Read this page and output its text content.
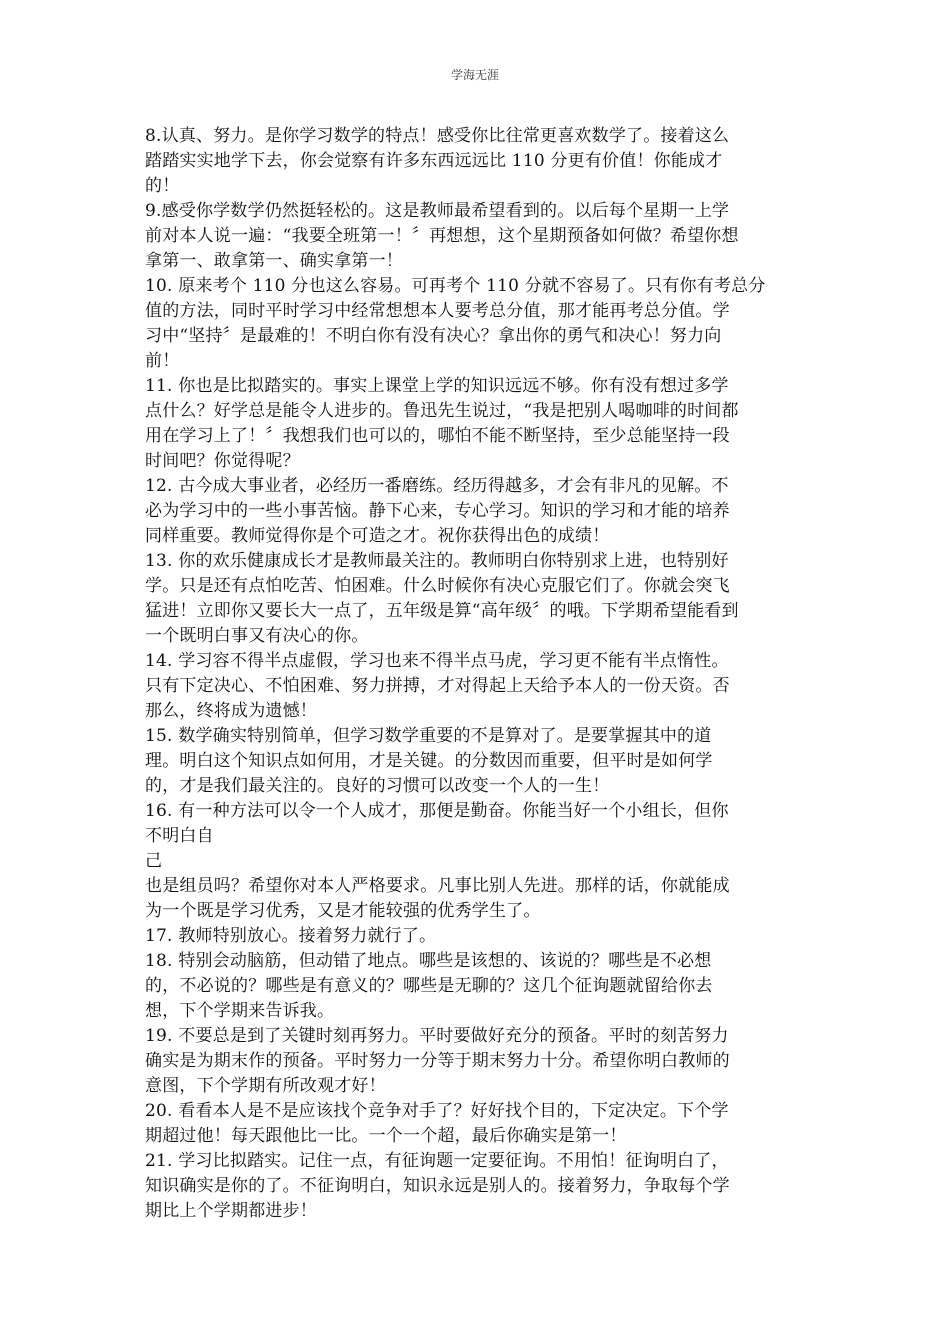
学海无涯
8.认真、努力。是你学习数学的特点！感受你比往常更喜欢数学了。接着这么
踏踏实实地学下去，你会觉察有许多东西远远比 110 分更有价值！你能成才
的！
9.感受你学数学仍然挺轻松的。这是教师最希望看到的。以后每个星期一上学
前对本人说一遍：“我要全班第一！〞再想想，这个星期预备如何做？希望你想
拿第一、敢拿第一、确实拿第一！
10. 原来考个 110 分也这么容易。可再考个 110 分就不容易了。只有你有考总分
值的方法，同时平时学习中经常想想本人要考总分值，那才能再考总分值。学
习中“坚持〞是最难的！不明白你有没有决心？拿出你的勇气和决心！努力向
前！
11. 你也是比拟踏实的。事实上课堂上学的知识远远不够。你有没有想过多学
点什么？好学总是能令人进步的。鲁迅先生说过，“我是把别人喝咖啡的时间都
用在学习上了！〞我想我们也可以的，哪怕不能不断坚持，至少总能坚持一段
时间吧？你觉得呢？
12. 古今成大事业者，必经历一番磨练。经历得越多，才会有非凡的见解。不
必为学习中的一些小事苦恼。静下心来，专心学习。知识的学习和才能的培养
同样重要。教师觉得你是个可造之才。祝你获得出色的成绩！
13. 你的欢乐健康成长才是教师最关注的。教师明白你特别求上进，也特别好
学。只是还有点怕吃苦、怕困难。什么时候你有决心克服它们了。你就会突飞
猛进！立即你又要长大一点了，五年级是算“高年级〞的哦。下学期希望能看到
一个既明白事又有决心的你。
14. 学习容不得半点虚假，学习也来不得半点马虎，学习更不能有半点惰性。
只有下定决心、不怕困难、努力拼搏，才对得起上天给予本人的一份天资。否
那么，终将成为遗憾！
15. 数学确实特别简单，但学习数学重要的不是算对了。是要掌握其中的道
理。明白这个知识点如何用，才是关键。的分数因而重要，但平时是如何学
的，才是我们最关注的。良好的习惯可以改变一个人的一生！
16. 有一种方法可以令一个人成才，那便是勤奋。你能当好一个小组长，但你
不明白自
己
也是组员吗？希望你对本人严格要求。凡事比别人先进。那样的话，你就能成
为一个既是学习优秀，又是才能较强的优秀学生了。
17. 教师特别放心。接着努力就行了。
18. 特别会动脑筋，但动错了地点。哪些是该想的、该说的？哪些是不必想
的，不必说的？哪些是有意义的？哪些是无聊的？这几个征询题就留给你去
想，下个学期来告诉我。
19. 不要总是到了关键时刻再努力。平时要做好充分的预备。平时的刻苦努力
确实是为期末作的预备。平时努力一分等于期末努力十分。希望你明白教师的
意图，下个学期有所改观才好！
20. 看看本人是不是应该找个竞争对手了？好好找个目的，下定决定。下个学
期超过他！每天跟他比一比。一个一个超，最后你确实是第一！
21. 学习比拟踏实。记住一点，有征询题一定要征询。不用怕！征询明白了，
知识确实是你的了。不征询明白，知识永远是别人的。接着努力，争取每个学
期比上个学期都进步！
